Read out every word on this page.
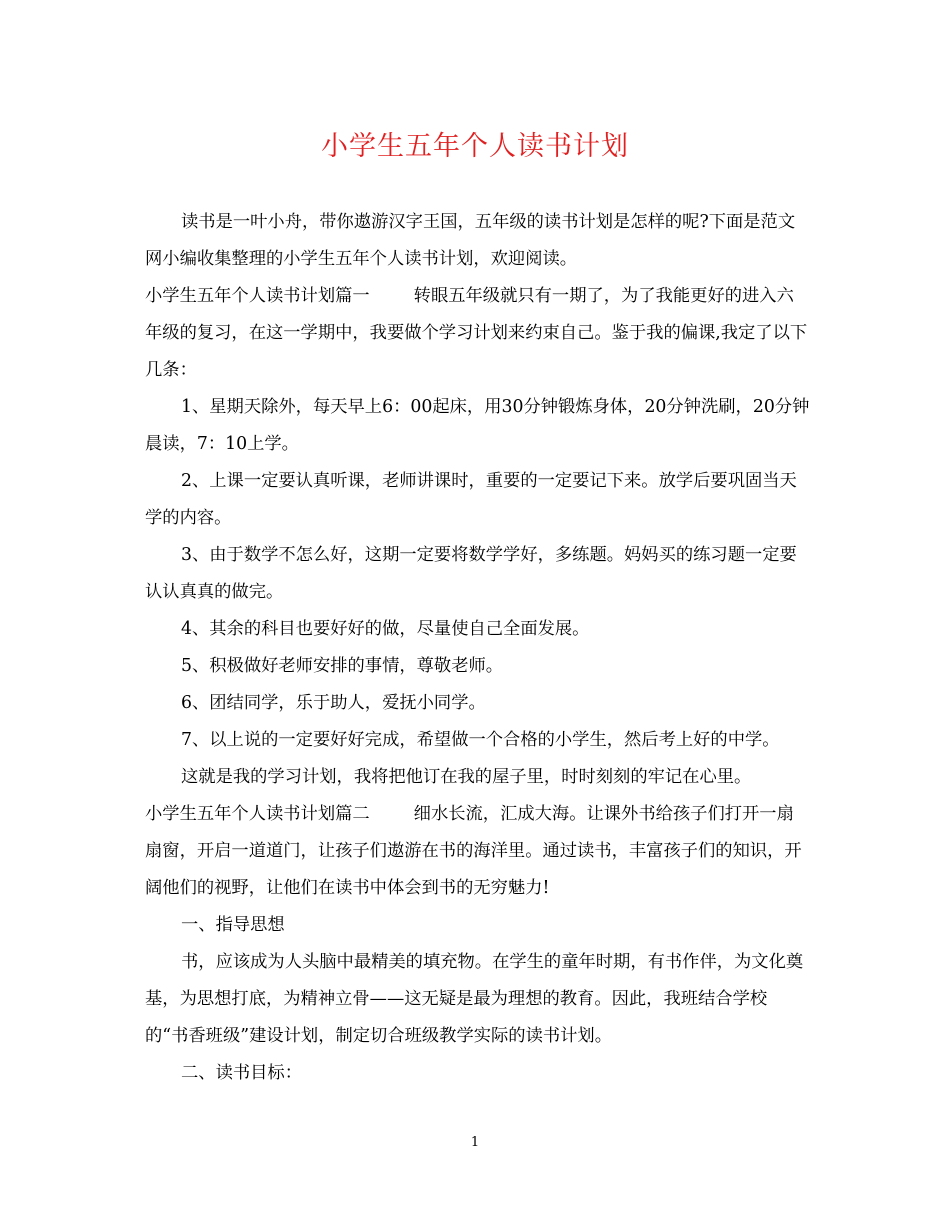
小学生五年个人读书计划

读书是一叶小舟，带你遨游汉字王国，五年级的读书计划是怎样的呢?下面是范文网小编收集整理的小学生五年个人读书计划，欢迎阅读。

小学生五年个人读书计划篇一	转眼五年级就只有一期了，为了我能更好的进入六年级的复习，在这一学期中，我要做个学习计划来约束自己。鉴于我的偏课,我定了以下几条：

1、星期天除外，每天早上6：00起床，用30分钟锻炼身体，20分钟洗刷，20分钟晨读，7：10上学。

2、上课一定要认真听课，老师讲课时，重要的一定要记下来。放学后要巩固当天学的内容。

3、由于数学不怎么好，这期一定要将数学学好，多练题。妈妈买的练习题一定要认认真真的做完。

4、其余的科目也要好好的做，尽量使自己全面发展。

5、积极做好老师安排的事情，尊敬老师。

6、团结同学，乐于助人，爱抚小同学。

7、以上说的一定要好好完成，希望做一个合格的小学生，然后考上好的中学。

这就是我的学习计划，我将把他订在我的屋子里，时时刻刻的牢记在心里。

小学生五年个人读书计划篇二	细水长流，汇成大海。让课外书给孩子们打开一扇扇窗，开启一道道门，让孩子们遨游在书的海洋里。通过读书，丰富孩子们的知识，开阔他们的视野，让他们在读书中体会到书的无穷魅力!

一、指导思想

书，应该成为人头脑中最精美的填充物。在学生的童年时期，有书作伴，为文化奠基，为思想打底，为精神立骨——这无疑是最为理想的教育。因此，我班结合学校的“书香班级”建设计划，制定切合班级教学实际的读书计划。

二、读书目标：

1
